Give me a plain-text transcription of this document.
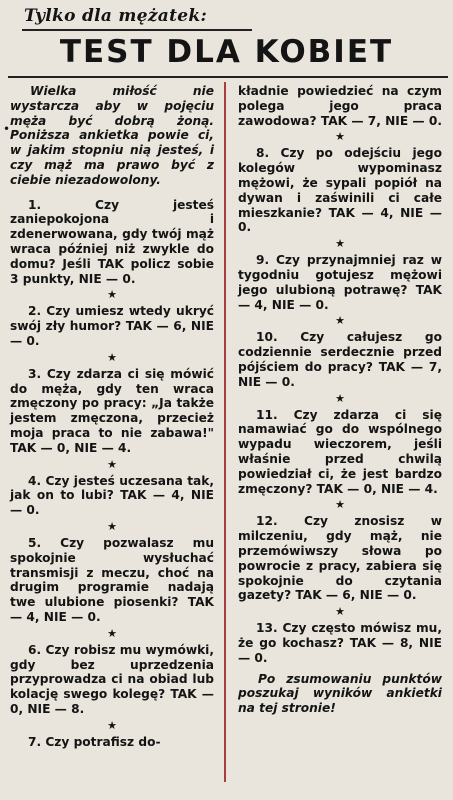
Tylko dla mężatek:
TEST DLA KOBIET
•

Wielka miłość nie wystarcza aby w pojęciu męża być dobrą żoną. Poniższa ankietka powie ci, w jakim stopniu nią jesteś, i czy mąż ma prawo być z ciebie niezadowolony.

1. Czy jesteś zaniepokojona i zdenerwowana, gdy twój mąż wraca później niż zwykle do domu? Jeśli TAK policz sobie 3 punkty, NIE — 0.

★

2. Czy umiesz wtedy ukryć swój zły humor? TAK — 6, NIE — 0.

★

3. Czy zdarza ci się mówić do męża, gdy ten wraca zmęczony po pracy: „Ja także jestem zmęczona, przecież moja praca to nie zabawa!" TAK — 0, NIE — 4.

★

4. Czy jesteś uczesana tak, jak on to lubi? TAK — 4, NIE — 0.

★

5. Czy pozwalasz mu spokojnie wysłuchać transmisji z meczu, choć na drugim programie nadają twe ulubione piosenki? TAK — 4, NIE — 0.

★

6. Czy robisz mu wymówki, gdy bez uprzedzenia przyprowadza ci na obiad lub kolację swego kolegę? TAK — 0, NIE — 8.

★

7. Czy potrafisz do-

kładnie powiedzieć na czym polega jego praca zawodowa? TAK — 7, NIE — 0.

★

8. Czy po odejściu jego kolegów wypominasz mężowi, że sypali popiół na dywan i zaświnili ci całe mieszkanie? TAK — 4, NIE — 0.

★

9. Czy przynajmniej raz w tygodniu gotujesz mężowi jego ulubioną potrawę? TAK — 4, NIE — 0.

★

10. Czy całujesz go codziennie serdecznie przed pójściem do pracy? TAK — 7, NIE — 0.

★

11. Czy zdarza ci się namawiać go do wspólnego wypadu wieczorem, jeśli właśnie przed chwilą powiedział ci, że jest bardzo zmęczony? TAK — 0, NIE — 4.

★

12. Czy znosisz w milczeniu, gdy mąż, nie przemówiwszy słowa po powrocie z pracy, zabiera się spokojnie do czytania gazety? TAK — 6, NIE — 0.

★

13. Czy często mówisz mu, że go kochasz? TAK — 8, NIE — 0.

Po zsumowaniu punktów poszukaj wyników ankietki na tej stronie!
